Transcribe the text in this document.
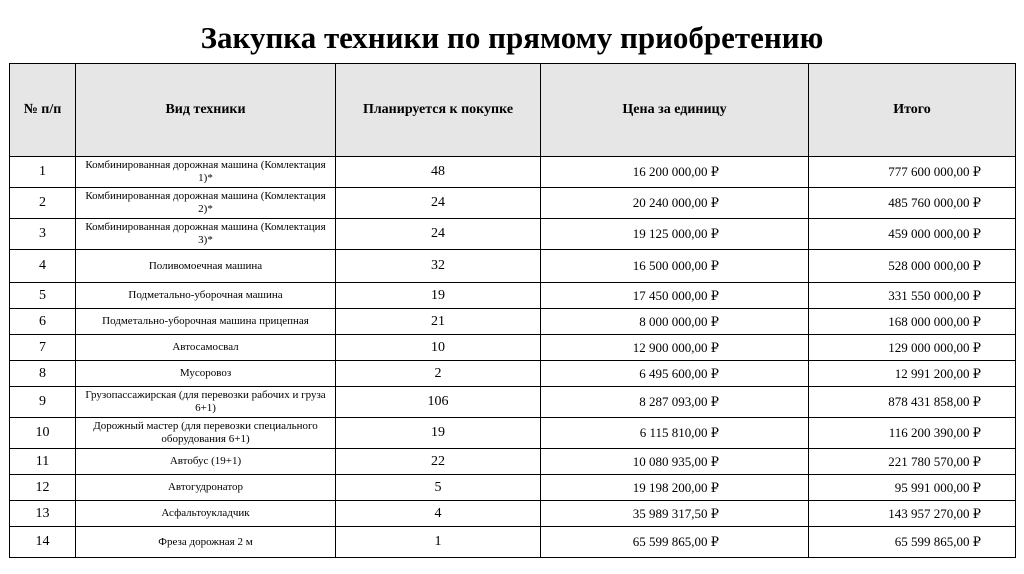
Закупка техники по прямому приобретению
№ п/п	Вид техники	Планируется к покупке	Цена за единицу	Итого
1	Комбинированная дорожная машина (Комлектация 1)*	48	16 200 000,00 ₽	777 600 000,00 ₽
2	Комбинированная дорожная машина (Комлектация 2)*	24	20 240 000,00 ₽	485 760 000,00 ₽
3	Комбинированная дорожная машина (Комлектация 3)*	24	19 125 000,00 ₽	459 000 000,00 ₽
4	Поливомоечная машина	32	16 500 000,00 ₽	528 000 000,00 ₽
5	Подметально-уборочная машина	19	17 450 000,00 ₽	331 550 000,00 ₽
6	Подметально-уборочная машина прицепная	21	8 000 000,00 ₽	168 000 000,00 ₽
7	Автосамосвал	10	12 900 000,00 ₽	129 000 000,00 ₽
8	Мусоровоз	2	6 495 600,00 ₽	12 991 200,00 ₽
9	Грузопассажирская (для перевозки рабочих и груза 6+1)	106	8 287 093,00 ₽	878 431 858,00 ₽
10	Дорожный мастер (для перевозки специального оборудования 6+1)	19	6 115 810,00 ₽	116 200 390,00 ₽
11	Автобус (19+1)	22	10 080 935,00 ₽	221 780 570,00 ₽
12	Автогудронатор	5	19 198 200,00 ₽	95 991 000,00 ₽
13	Асфальтоукладчик	4	35 989 317,50 ₽	143 957 270,00 ₽
14	Фреза дорожная 2 м	1	65 599 865,00 ₽	65 599 865,00 ₽
